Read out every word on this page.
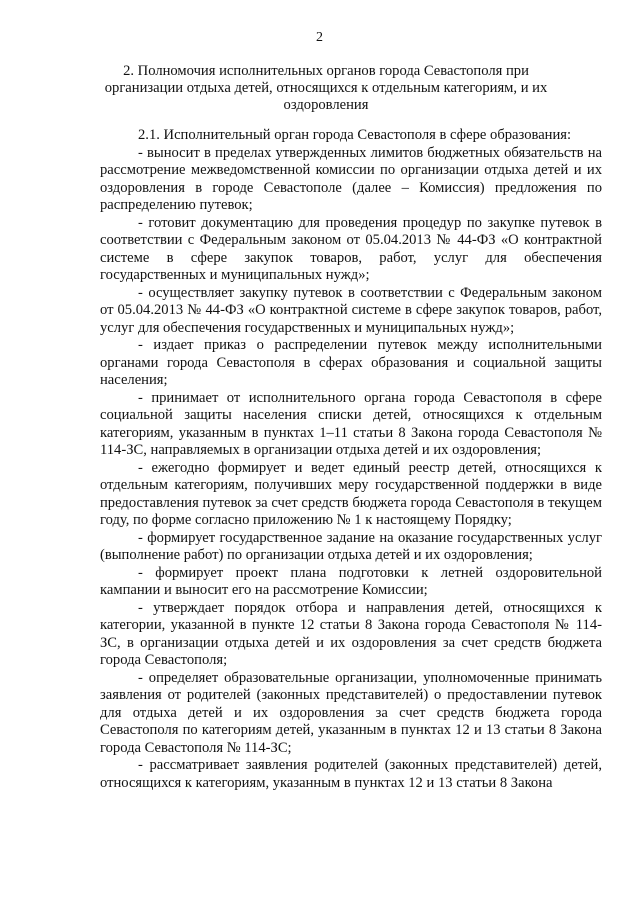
2
2. Полномочия исполнительных органов города Севастополя при организации отдыха детей, относящихся к отдельным категориям, и их оздоровления

2.1. Исполнительный орган города Севастополя в сфере образования:

- выносит в пределах утвержденных лимитов бюджетных обязательств на рассмотрение межведомственной комиссии по организации отдыха детей и их оздоровления в городе Севастополе (далее – Комиссия) предложения по распределению путевок;

- готовит документацию для проведения процедур по закупке путевок в соответствии с Федеральным законом от 05.04.2013 № 44-ФЗ «О контрактной системе в сфере закупок товаров, работ, услуг для обеспечения государственных и муниципальных нужд»;

- осуществляет закупку путевок в соответствии с Федеральным законом от 05.04.2013 № 44-ФЗ «О контрактной системе в сфере закупок товаров, работ, услуг для обеспечения государственных и муниципальных нужд»;

- издает приказ о распределении путевок между исполнительными органами города Севастополя в сферах образования и социальной защиты населения;

- принимает от исполнительного органа города Севастополя в сфере социальной защиты населения списки детей, относящихся к отдельным категориям, указанным в пунктах 1–11 статьи 8 Закона города Севастополя № 114-ЗС, направляемых в организации отдыха детей и их оздоровления;

- ежегодно формирует и ведет единый реестр детей, относящихся к отдельным категориям, получивших меру государственной поддержки в виде предоставления путевок за счет средств бюджета города Севастополя в текущем году, по форме согласно приложению № 1 к настоящему Порядку;

- формирует государственное задание на оказание государственных услуг (выполнение работ) по организации отдыха детей и их оздоровления;

- формирует проект плана подготовки к летней оздоровительной кампании и выносит его на рассмотрение Комиссии;

- утверждает порядок отбора и направления детей, относящихся к категории, указанной в пункте 12 статьи 8 Закона города Севастополя № 114-ЗС, в организации отдыха детей и их оздоровления за счет средств бюджета города Севастополя;

- определяет образовательные организации, уполномоченные принимать заявления от родителей (законных представителей) о предоставлении путевок для отдыха детей и их оздоровления за счет средств бюджета города Севастополя по категориям детей, указанным в пунктах 12 и 13 статьи 8 Закона города Севастополя № 114-ЗС;

- рассматривает заявления родителей (законных представителей) детей, относящихся к категориям, указанным в пунктах 12 и 13 статьи 8 Закона
